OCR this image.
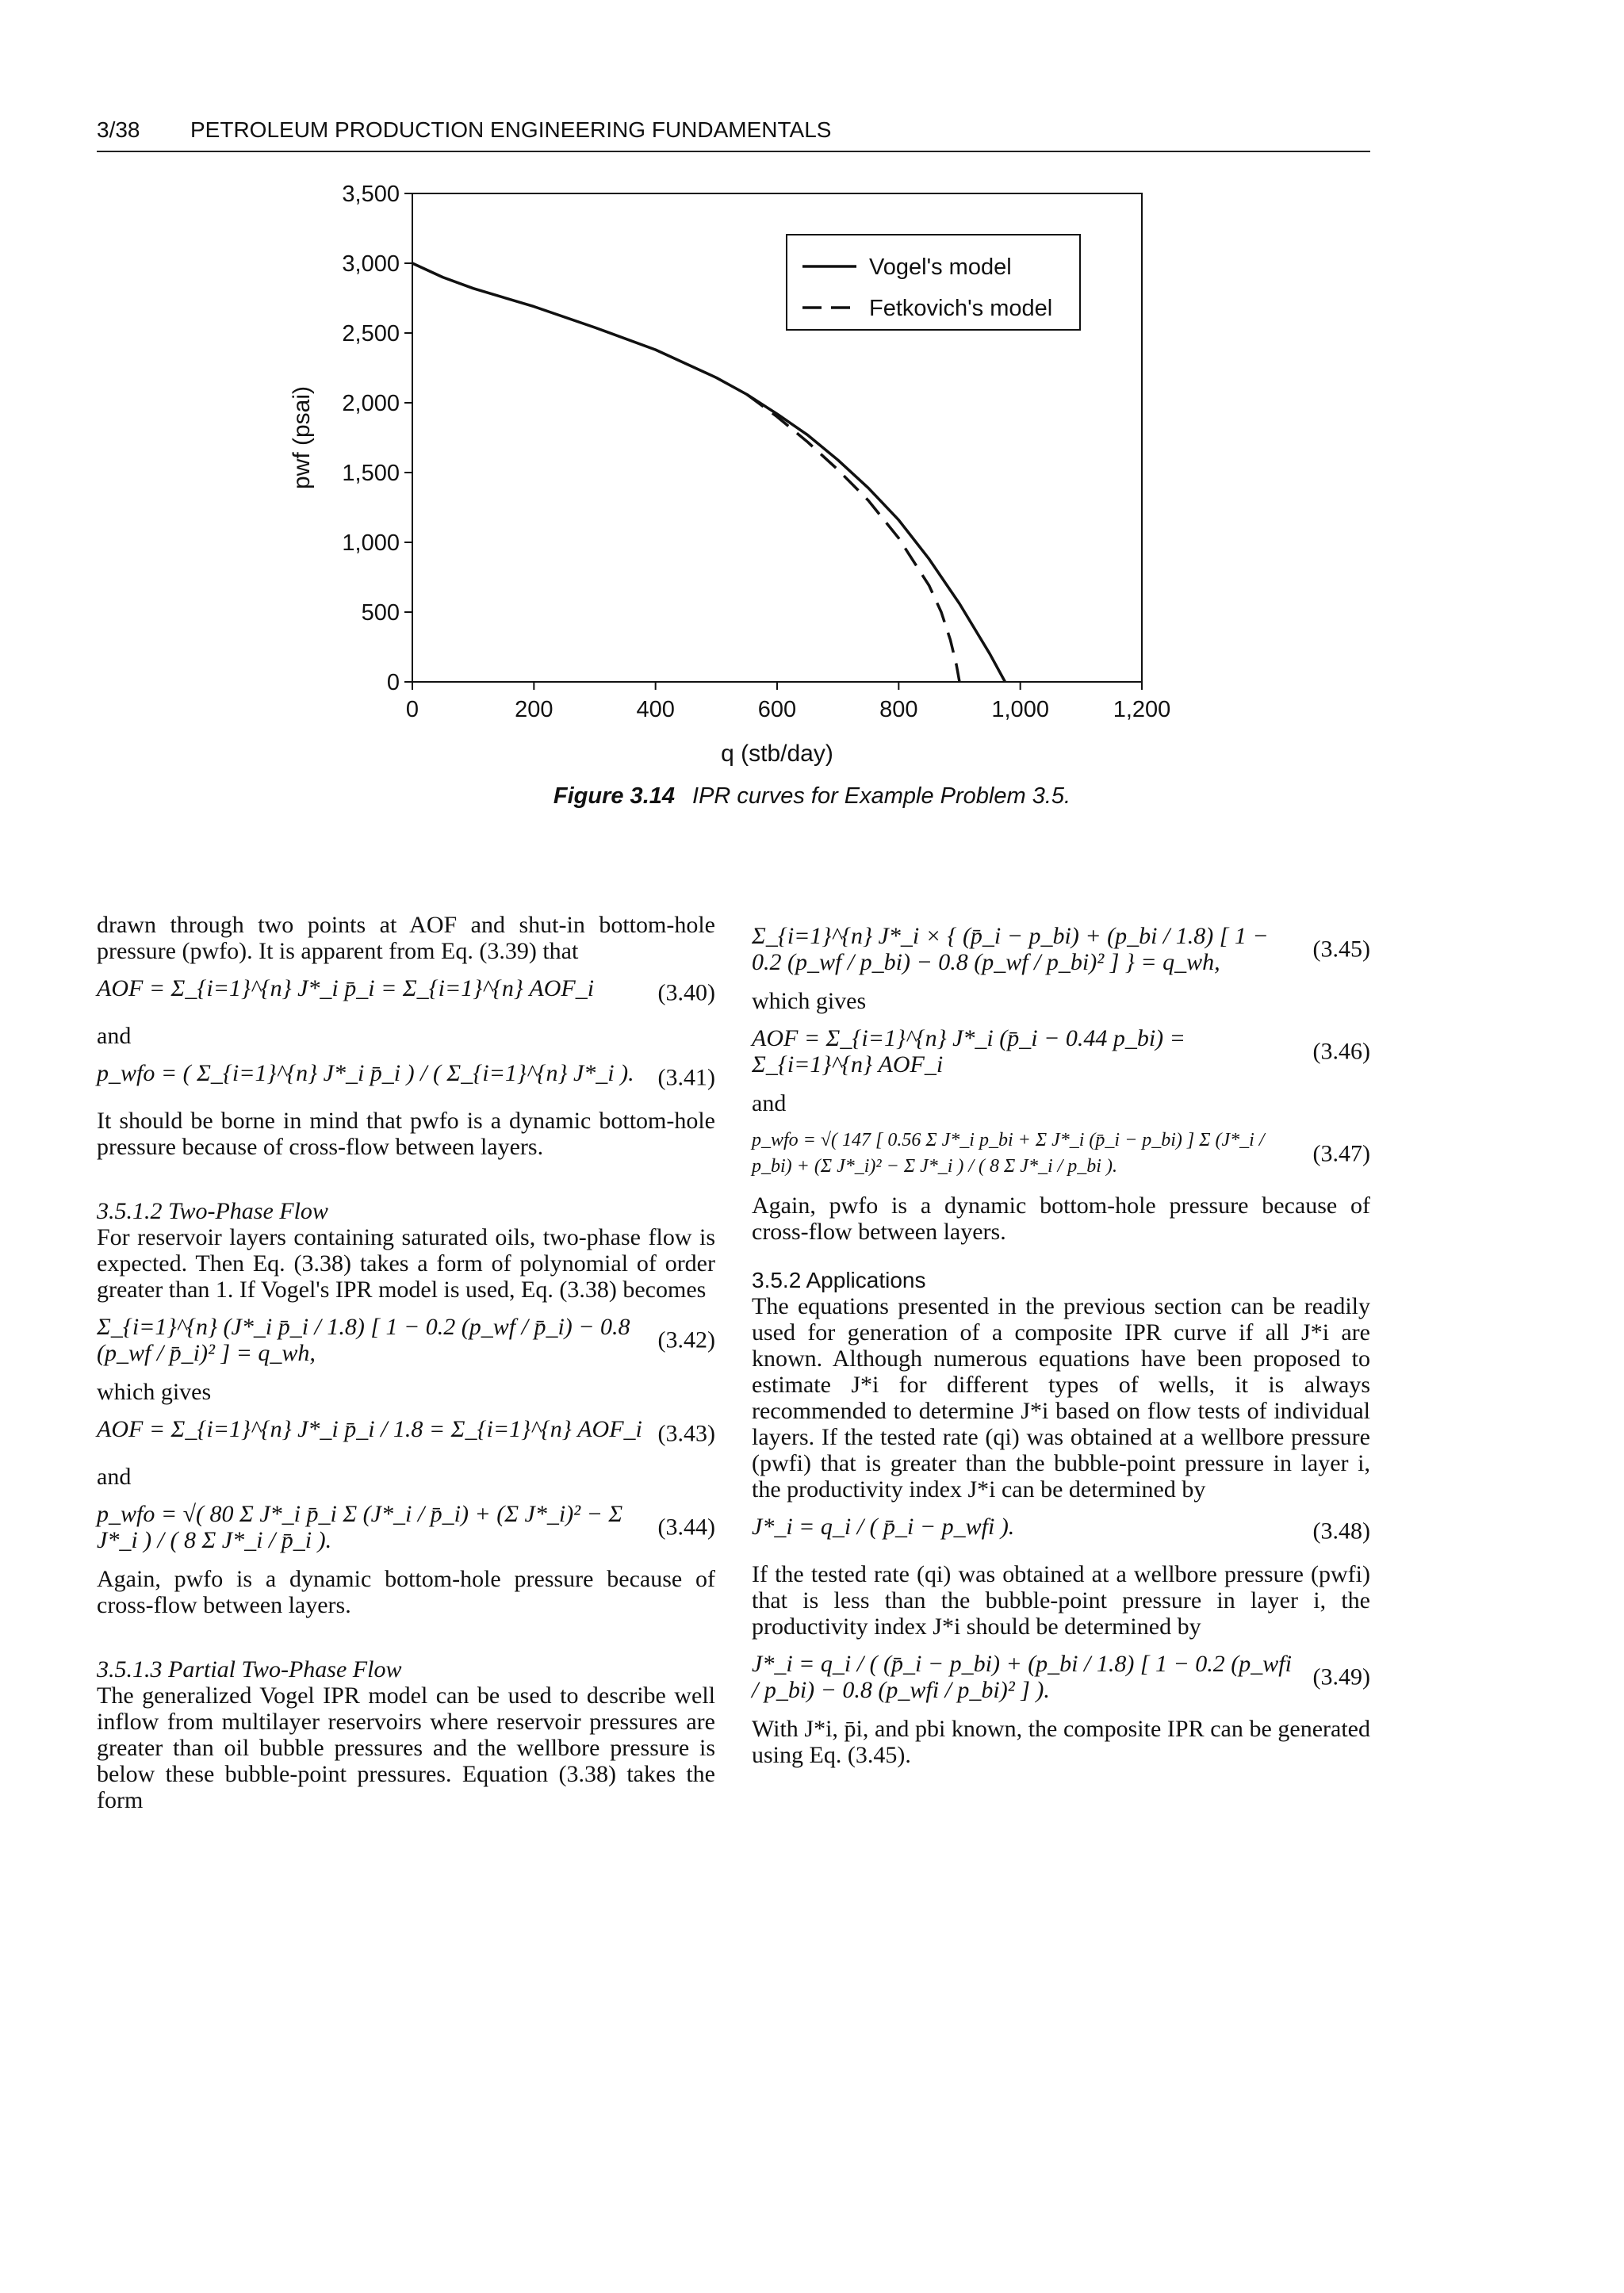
3/38 PETROLEUM PRODUCTION ENGINEERING FUNDAMENTALS
0
500
1,000
1,500
2,000
2,500
3,000
3,500
0	200	400	600	800	1,000	1,200
q (stb/day)
pwf (psai)
Vogel's model
Fetkovich's model
Figure 3.14 IPR curves for Example Problem 3.5.

drawn through two points at AOF and shut-in bottom-hole pressure (pwfo). It is apparent from Eq. (3.39) that

AOF = Σ_{i=1}^{n} J*_i p̄_i = Σ_{i=1}^{n} AOF_i	(3.40)
and
p_wfo = ( Σ_{i=1}^{n} J*_i p̄_i ) / ( Σ_{i=1}^{n} J*_i ). (3.41)

It should be borne in mind that pwfo is a dynamic bottom-hole pressure because of cross-flow between layers.

3.5.1.2 Two-Phase Flow

For reservoir layers containing saturated oils, two-phase flow is expected. Then Eq. (3.38) takes a form of polynomial of order greater than 1. If Vogel's IPR model is used, Eq. (3.38) becomes

Σ_{i=1}^{n} (J*_i p̄_i / 1.8) [ 1 − 0.2 (p_wf / p̄_i) − 0.8 (p_wf / p̄_i)² ] = q_wh,	(3.42)
which gives
AOF = Σ_{i=1}^{n} J*_i p̄_i / 1.8 = Σ_{i=1}^{n} AOF_i (3.43)
and
p_wfo = √( 80 Σ J*_i p̄_i Σ (J*_i / p̄_i) + (Σ J*_i)² − Σ J*_i ) / ( 8 Σ J*_i / p̄_i ).	(3.44)

Again, pwfo is a dynamic bottom-hole pressure because of cross-flow between layers.

3.5.1.3 Partial Two-Phase Flow

The generalized Vogel IPR model can be used to describe well inflow from multilayer reservoirs where reservoir pressures are greater than oil bubble pressures and the wellbore pressure is below these bubble-point pressures. Equation (3.38) takes the form

Σ_{i=1}^{n} J*_i × { (p̄_i − p_bi) + (p_bi / 1.8) [ 1 − 0.2 (p_wf / p_bi) − 0.8 (p_wf / p_bi)² ] } = q_wh,	(3.45)
which gives
AOF = Σ_{i=1}^{n} J*_i (p̄_i − 0.44 p_bi) = Σ_{i=1}^{n} AOF_i	(3.46)
and
p_wfo = √( 147 [ 0.56 Σ J*_i p_bi + Σ J*_i (p̄_i − p_bi) ] Σ (J*_i / p_bi) + (Σ J*_i)² − Σ J*_i ) / ( 8 Σ J*_i / p_bi ).	(3.47)

Again, pwfo is a dynamic bottom-hole pressure because of cross-flow between layers.

3.5.2 Applications

The equations presented in the previous section can be readily used for generation of a composite IPR curve if all J*i are known. Although numerous equations have been proposed to estimate J*i for different types of wells, it is always recommended to determine J*i based on flow tests of individual layers. If the tested rate (qi) was obtained at a wellbore pressure (pwfi) that is greater than the bubble-point pressure in layer i, the productivity index J*i can be determined by

J*_i = q_i / ( p̄_i − p_wfi ).	(3.48)

If the tested rate (qi) was obtained at a wellbore pressure (pwfi) that is less than the bubble-point pressure in layer i, the productivity index J*i should be determined by

J*_i = q_i / ( (p̄_i − p_bi) + (p_bi / 1.8) [ 1 − 0.2 (p_wfi / p_bi) − 0.8 (p_wfi / p_bi)² ] ).	(3.49)

With J*i, p̄i, and pbi known, the composite IPR can be generated using Eq. (3.45).
